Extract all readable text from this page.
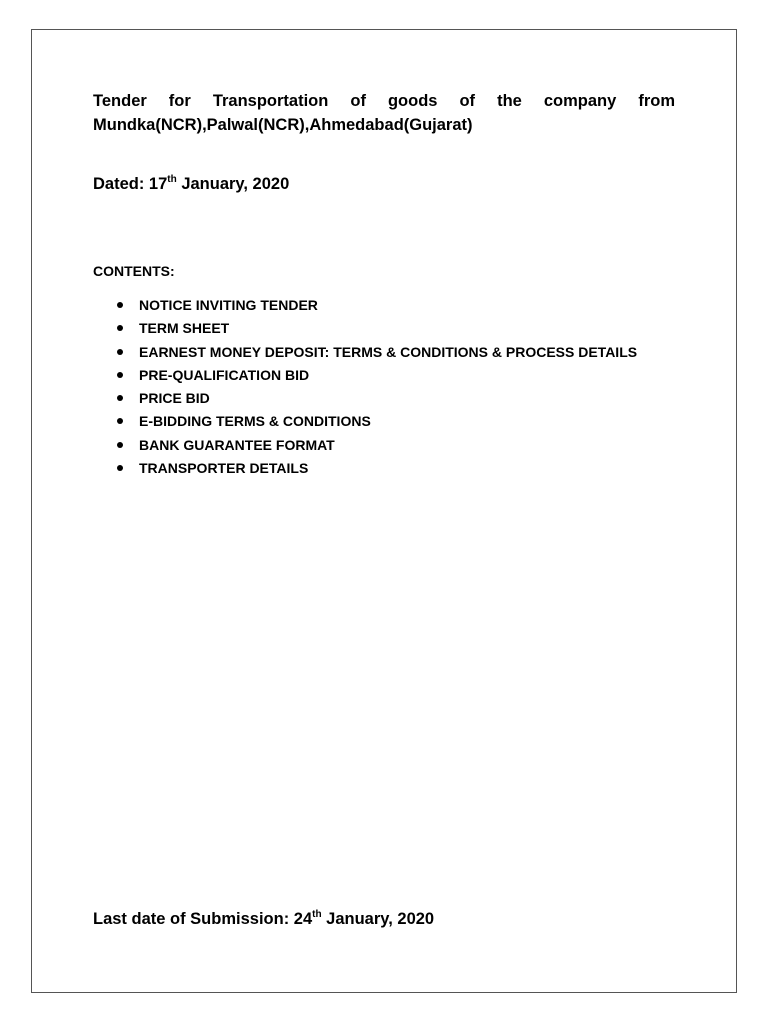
Tender for Transportation of goods of the company from
Mundka(NCR),Palwal(NCR),Ahmedabad(Gujarat)

Dated: 17th January, 2020

CONTENTS:

NOTICE INVITING TENDER
TERM SHEET
EARNEST MONEY DEPOSIT: TERMS & CONDITIONS & PROCESS DETAILS
PRE-QUALIFICATION BID
PRICE BID
E-BIDDING TERMS & CONDITIONS
BANK GUARANTEE FORMAT
TRANSPORTER DETAILS

Last date of Submission: 24th January, 2020
